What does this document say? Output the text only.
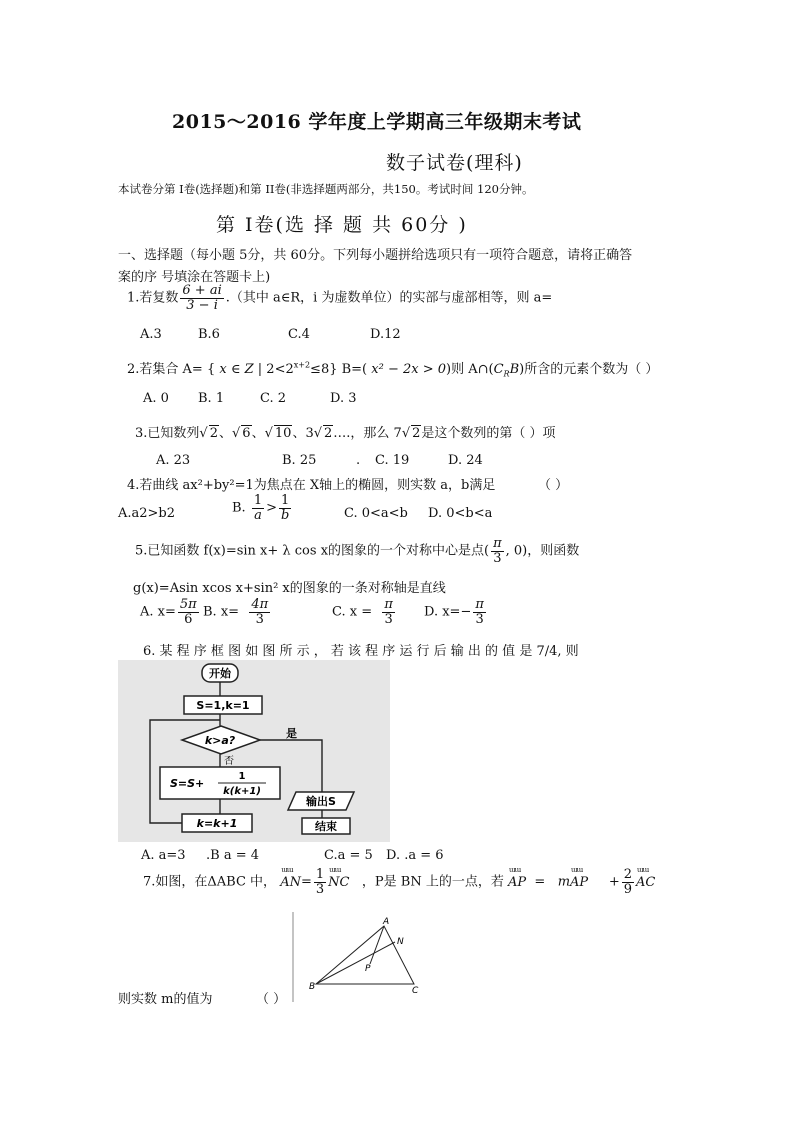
2015～2016 学年度上学期高三年级期末考试
数子试卷(理科)
本试卷分第 I卷(选择题)和第 II卷(非选择题两部分，共150。考试时间 120分钟。
第 I卷(选 择 题 共 60分 )
一、选择题（每小题 5分，共 60分。下列每小题拼给选项只有一项符合题意，请将正确答
案的序 号填涂在答题卡上)
1.若复数 $\frac{6 + ai}{3 - i}$ .（其中 a∈R，i 为虚数单位）的实部与虚部相等，则 a=
A.3	B.6	C.4	D.12
2.若集合 A= { x ∈ Z | $2<2^{x+2}\le 8$} B=( x² − 2x > 0)则 $A\cap(C_RB)$所含的元素个数为（ ）
A. 0 B. 1	C. 2	D. 3
3.已知数列√ 2、√ 6、√ 10、3√ 2….，那么 7√ 2是这个数列的第（ ）项
A. 23	B. 25	. C. 19	D. 24
4.若曲线 ax²+by²=1为焦点在 X轴上的椭圆，则实数 a，b满足	（ ）
A.a2>b2	B. $\frac{1}{a} > \frac{1}{b}$	C. 0<a<b D. 0<b<a
5.已知函数 f(x)=sin x+ λ cos x的图象的一个对称中心是点( $\frac{\pi}{3}$ , 0)，则函数
g(x)=Asin xcos x+sin² x的图象的一条对称轴是直线
A. $x= \frac{5\pi}{6} B$. $x= \frac{4\pi}{3}$	C. $x = \frac{\pi}{3} D$. $x=- \frac{\pi}{3}$
6. 某 程 序 框 图 如 图 所 示 ， 若 该 程 序 运 行 后 输 出 的 值 是 7/4, 则
开始
S=1,k=1
k>a?
是
否
S=S+
1
k(k+1)
输出S
结束
k=k+1
A. a=3 .B a = 4	C.a = 5 D. .a = 6
7.如图，在ΔABC 中， ɯɯ $AN= \frac{1}{3}$ ɯɯ NC ，P是 BN 上的一点，若 ɯɯ AP = mɯɯ AP + $\frac{2}{9}$ ɯɯ AC
A
N
P
B	C
则实数 m的值为	（ ）
